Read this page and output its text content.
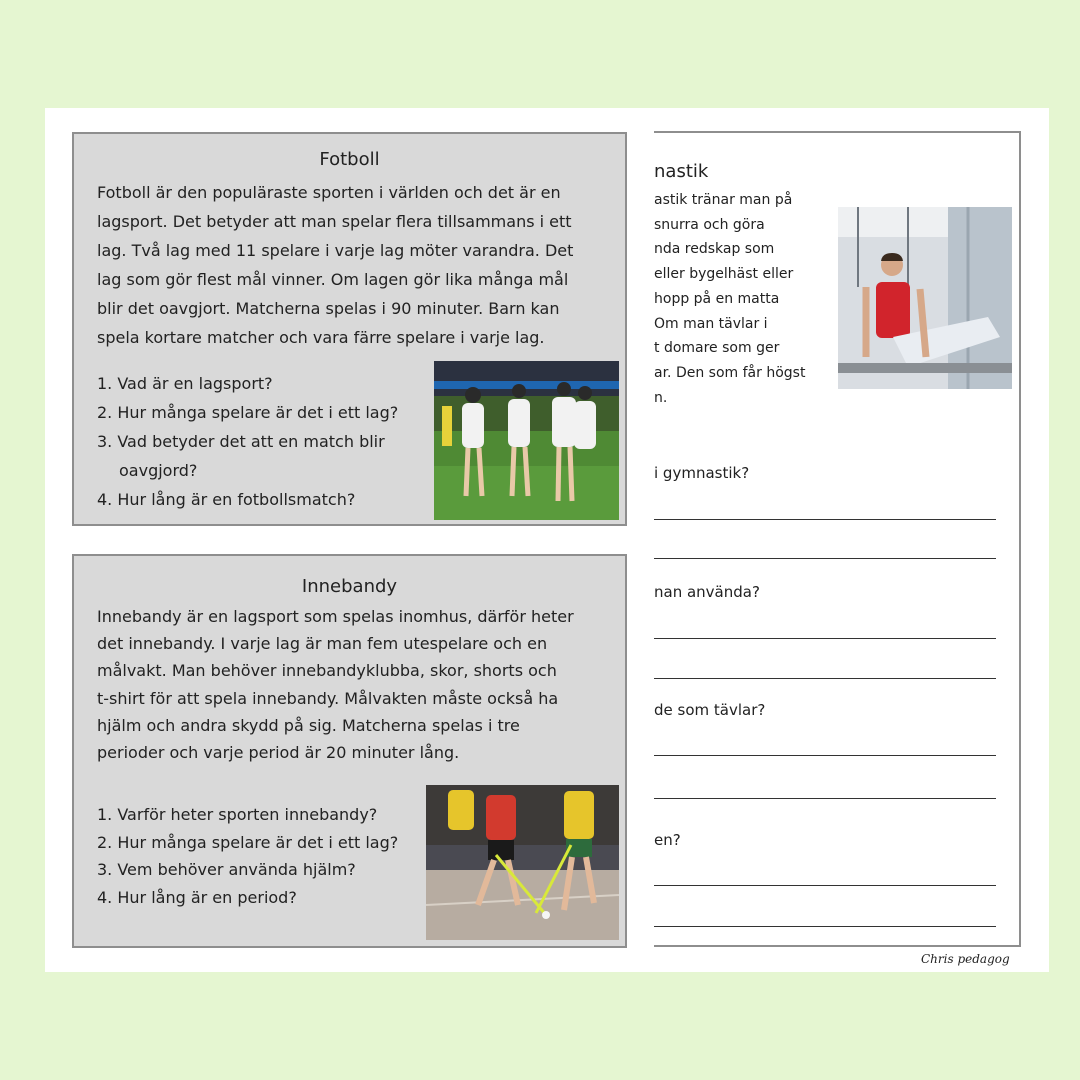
Fotboll
Fotboll är den populäraste sporten i världen och det är en
lagsport. Det betyder att man spelar flera tillsammans i ett
lag. Två lag med 11 spelare i varje lag möter varandra. Det
lag som gör flest mål vinner. Om lagen gör lika många mål
blir det oavgjort. Matcherna spelas i 90 minuter. Barn kan
spela kortare matcher och vara färre spelare i varje lag.
1. Vad är en lagsport?
2. Hur många spelare är det i ett lag?
3. Vad betyder det att en match blir oavgjord?
4. Hur lång är en fotbollsmatch?
Innebandy
Innebandy är en lagsport som spelas inomhus, därför heter
det innebandy. I varje lag är man fem utespelare och en
målvakt. Man behöver innebandyklubba, skor, shorts och
t-shirt för att spela innebandy. Målvakten måste också ha
hjälm och andra skydd på sig. Matcherna spelas i tre
perioder och varje period är 20 minuter lång.
1. Varför heter sporten innebandy?
2. Hur många spelare är det i ett lag?
3. Vem behöver använda hjälm?
4. Hur lång är en period?
nastik
astik tränar man på
snurra och göra
nda redskap som
eller bygelhäst eller
hopp på en matta
Om man tävlar i
t domare som ger
ar. Den som får högst
n.
i gymnastik?
nan använda?
de som tävlar?
en?
Chris pedagog
